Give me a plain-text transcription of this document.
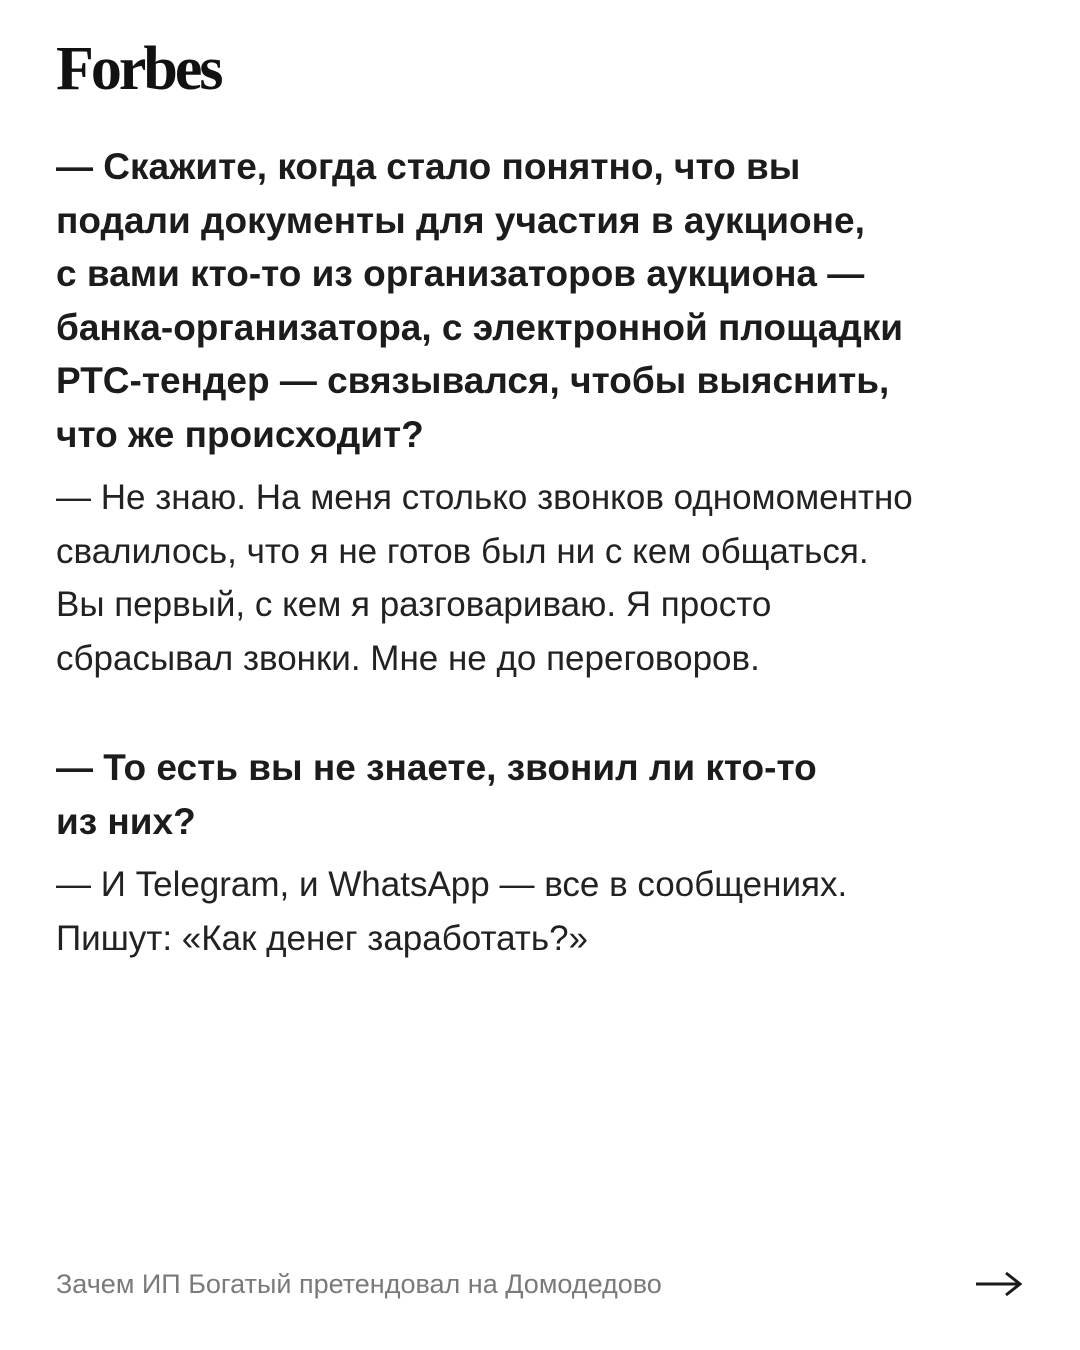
Forbes

— Скажите, когда стало понятно, что вы
подали документы для участия в аукционе,
с вами кто-то из организаторов аукциона —
банка-организатора, с электронной площадки
РТС-тендер — связывался, чтобы выяснить,
что же происходит?

— Не знаю. На меня столько звонков одномоментно
свалилось, что я не готов был ни с кем общаться.
Вы первый, с кем я разговариваю. Я просто
сбрасывал звонки. Мне не до переговоров.

— То есть вы не знаете, звонил ли кто-то
из них?

— И Telegram, и WhatsApp — все в сообщениях.
Пишут: «Как денег заработать?»

Зачем ИП Богатый претендовал на Домодедово
